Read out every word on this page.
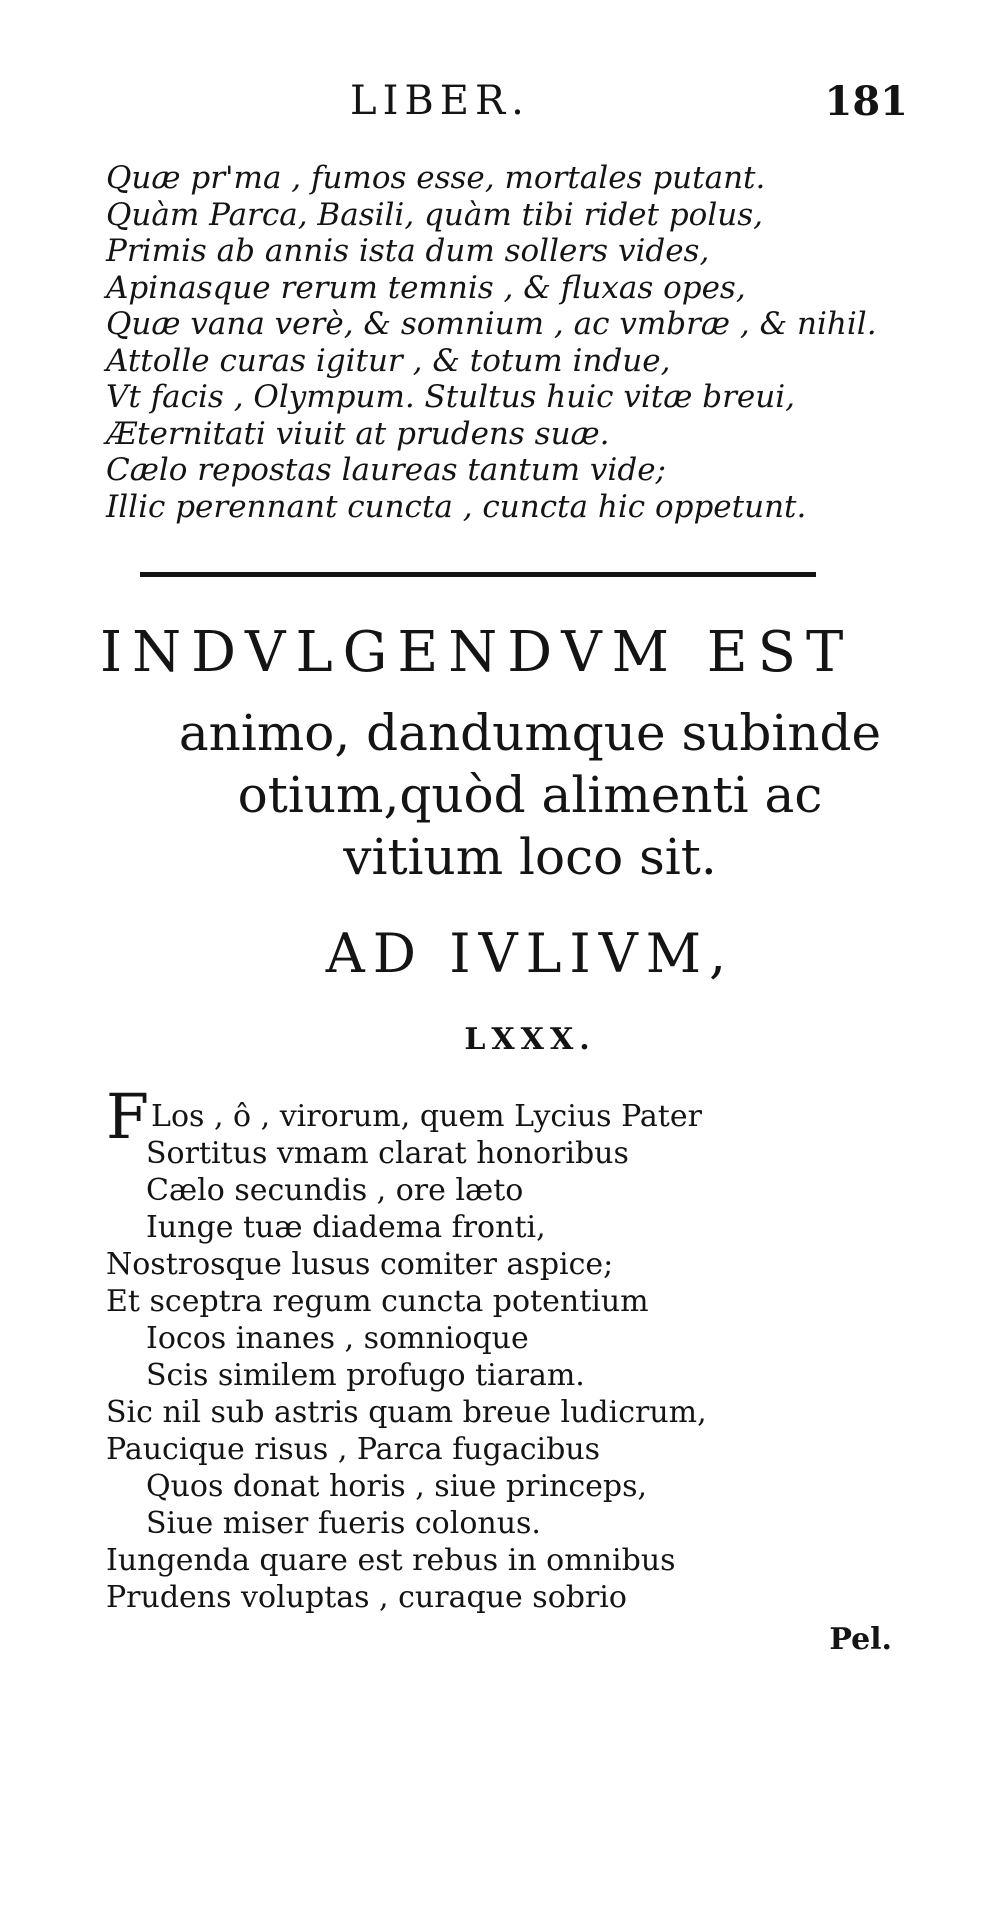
LIBER.	181
Quæ pr'ma , fumos esse, mortales putant.
Quàm Parca, Basili, quàm tibi ridet polus,
Primis ab annis ista dum sollers vides,
Apinasque rerum temnis , & fluxas opes,
Quæ vana verè, & somnium , ac vmbræ , & nihil.
Attolle curas igitur , & totum indue,
Vt facis , Olympum. Stultus huic vitæ breui,
Æternitati viuit at prudens suæ.
Cælo repostas laureas tantum vide;
Illic perennant cuncta , cuncta hic oppetunt.
INDVLGENDVM EST
animo, dandumque subinde
otium,quòd alimenti ac
vitium loco sit.
AD IVLIVM,
LXXX.
F Los , ô , virorum, quem Lycius Pater
Sortitus vmam clarat honoribus
Cælo secundis , ore læto
Iunge tuæ diadema fronti,
Nostrosque lusus comiter aspice;
Et sceptra regum cuncta potentium
Iocos inanes , somnioque
Scis similem profugo tiaram.
Sic nil sub astris quam breue ludicrum,
Paucique risus , Parca fugacibus
Quos donat horis , siue princeps,
Siue miser fueris colonus.
Iungenda quare est rebus in omnibus
Prudens voluptas , curaque sobrio
Pel.
